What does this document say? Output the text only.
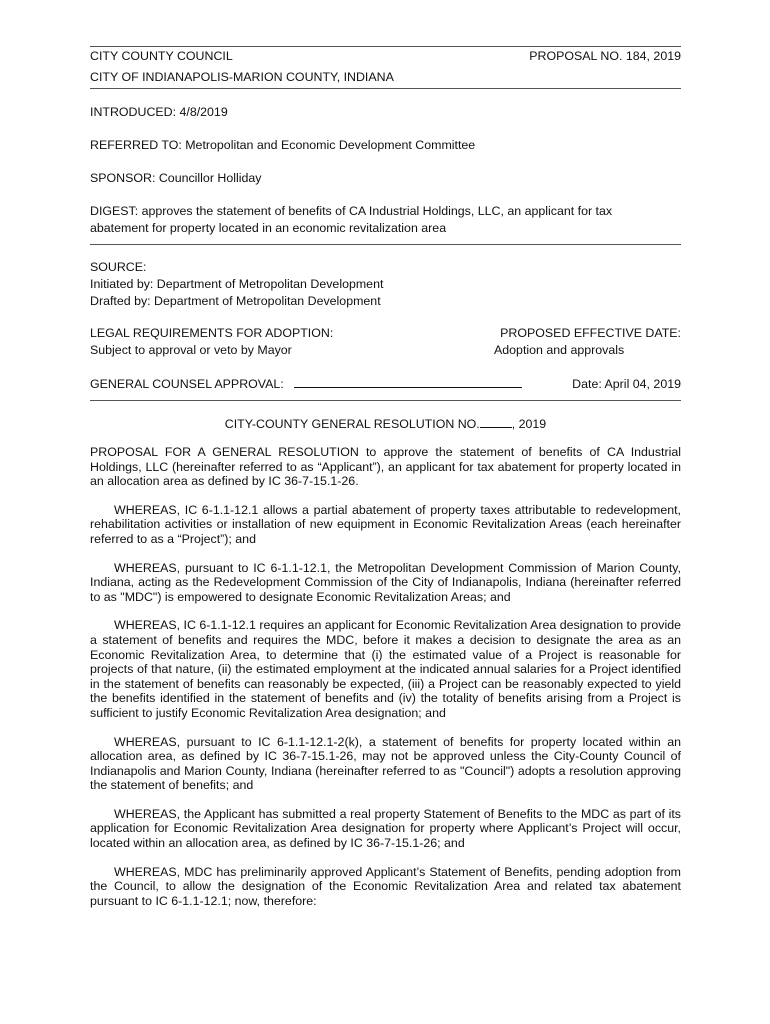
CITY COUNTY COUNCIL	PROPOSAL NO. 184, 2019
CITY OF INDIANAPOLIS-MARION COUNTY, INDIANA
INTRODUCED: 4/8/2019
REFERRED TO: Metropolitan and Economic Development Committee
SPONSOR: Councillor Holliday
DIGEST: approves the statement of benefits of CA Industrial Holdings, LLC, an applicant for tax
abatement for property located in an economic revitalization area
SOURCE:
Initiated by: Department of Metropolitan Development
Drafted by: Department of Metropolitan Development
LEGAL REQUIREMENTS FOR ADOPTION:	PROPOSED EFFECTIVE DATE:
Subject to approval or veto by Mayor	Adoption and approvals
GENERAL COUNSEL APPROVAL:	Date: April 04, 2019
CITY-COUNTY GENERAL RESOLUTION NO.	, 2019

PROPOSAL FOR A GENERAL RESOLUTION to approve the statement of benefits of CA Industrial Holdings, LLC (hereinafter referred to as “Applicant”), an applicant for tax abatement for property located in an allocation area as defined by IC 36-7-15.1-26.

WHEREAS, IC 6-1.1-12.1 allows a partial abatement of property taxes attributable to redevelopment, rehabilitation activities or installation of new equipment in Economic Revitalization Areas (each hereinafter referred to as a “Project”); and

WHEREAS, pursuant to IC 6-1.1-12.1, the Metropolitan Development Commission of Marion County, Indiana, acting as the Redevelopment Commission of the City of Indianapolis, Indiana (hereinafter referred to as "MDC") is empowered to designate Economic Revitalization Areas; and

WHEREAS, IC 6-1.1-12.1 requires an applicant for Economic Revitalization Area designation to provide a statement of benefits and requires the MDC, before it makes a decision to designate the area as an Economic Revitalization Area, to determine that (i) the estimated value of a Project is reasonable for projects of that nature, (ii) the estimated employment at the indicated annual salaries for a Project identified in the statement of benefits can reasonably be expected, (iii) a Project can be reasonably expected to yield the benefits identified in the statement of benefits and (iv) the totality of benefits arising from a Project is sufficient to justify Economic Revitalization Area designation; and

WHEREAS, pursuant to IC 6-1.1-12.1-2(k), a statement of benefits for property located within an allocation area, as defined by IC 36-7-15.1-26, may not be approved unless the City-County Council of Indianapolis and Marion County, Indiana (hereinafter referred to as "Council") adopts a resolution approving the statement of benefits; and

WHEREAS, the Applicant has submitted a real property Statement of Benefits to the MDC as part of its application for Economic Revitalization Area designation for property where Applicant’s Project will occur, located within an allocation area, as defined by IC 36-7-15.1-26; and

WHEREAS, MDC has preliminarily approved Applicant’s Statement of Benefits, pending adoption from the Council, to allow the designation of the Economic Revitalization Area and related tax abatement pursuant to IC 6-1.1-12.1; now, therefore:
